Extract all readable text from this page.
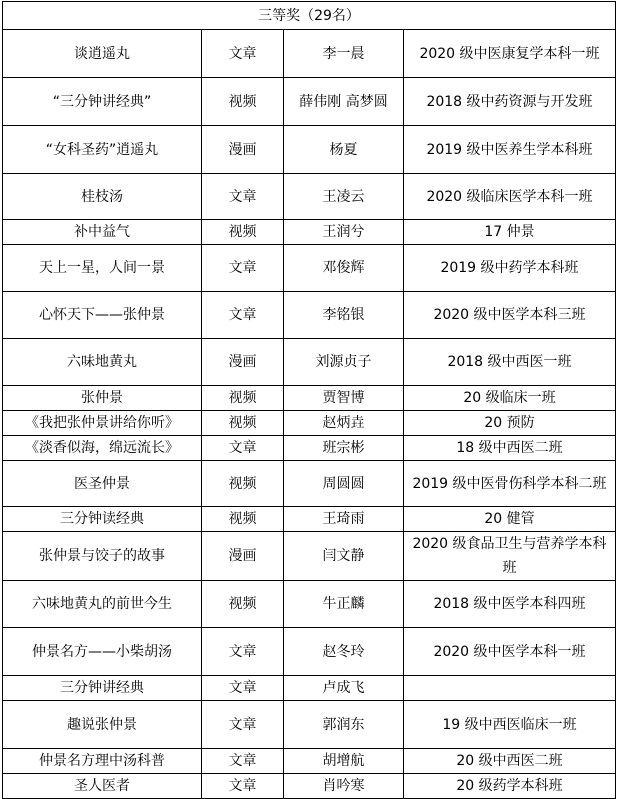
三等奖（29名）			
谈逍遥丸	文章	李一晨	2020 级中医康复学本科一班
“三分钟讲经典”	视频	薛伟刚 高梦圆	2018 级中药资源与开发班
“女科圣药”逍遥丸	漫画	杨夏	2019 级中医养生学本科班
桂枝汤	文章	王凌云	2020 级临床医学本科一班
补中益气	视频	王润兮	17 仲景
天上一星，人间一景	文章	邓俊辉	2019 级中药学本科班
心怀天下——张仲景	文章	李铭银	2020 级中医学本科三班
六味地黄丸	漫画	刘源贞子	2018 级中西医一班
张仲景	视频	贾智博	20 级临床一班
《我把张仲景讲给你听》	视频	赵炳垚	20 预防
《淡香似海，绵远流长》	文章	班宗彬	18 级中西医二班
医圣仲景	视频	周圆圆	2019 级中医骨伤科学本科二班
三分钟读经典	视频	王琦雨	20 健管
张仲景与饺子的故事	漫画	闫文静	2020 级食品卫生与营养学本科班
六味地黄丸的前世今生	视频	牛正麟	2018 级中医学本科四班
仲景名方——小柴胡汤	文章	赵冬玲	2020 级中医学本科一班
三分钟讲经典	文章	卢成飞	
趣说张仲景	文章	郭润东	19 级中西医临床一班
仲景名方理中汤科普	文章	胡增航	20 级中西医二班
圣人医者	文章	肖吟寒	20 级药学本科班
